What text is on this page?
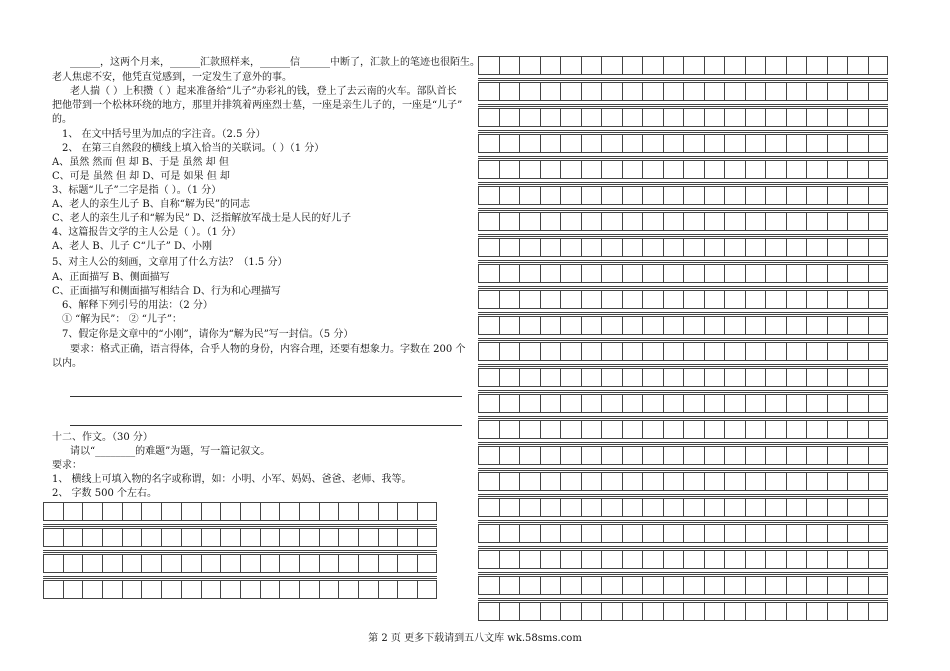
______，这两个月来，______汇款照样来，______信______中断了，汇款上的笔迹也很陌生。
老人焦虑不安，他凭直觉感到，一定发生了意外的事。
老人揣（ ）上积攒（ ）起来准备给“儿子”办彩礼的钱，登上了去云南的火车。部队首长
把他带到一个松林环绕的地方，那里并排筑着两座烈士墓，一座是亲生儿子的，一座是“儿子”
的。
1、 在文中括号里为加点的字注音。（2.5 分）
2、 在第三自然段的横线上填入恰当的关联词。（ ）（1 分）
A、虽然 然而 但 却 B、于是 虽然 却 但
C、可是 虽然 但 却 D、可是 如果 但 却
3、标题“儿子”二字是指（ ）。（1 分）
A、老人的亲生儿子 B、自称“解为民”的同志
C、老人的亲生儿子和“解为民” D、泛指解放军战士是人民的好儿子
4、这篇报告文学的主人公是（ ）。（1 分）
A、老人 B、儿子 C“儿子” D、小刚
5、对主人公的刻画，文章用了什么方法？（1.5 分）
A、正面描写 B、侧面描写
C、正面描写和侧面描写相结合 D、行为和心理描写
6、解释下列引号的用法：（2 分）
① “解为民”： ② “儿子”：
7、假定你是文章中的“小刚”，请你为“解为民”写一封信。（5 分）
要求：格式正确，语言得体，合乎人物的身份，内容合理，还要有想象力。字数在 200 个
以内。
十二、作文。（30 分）
请以“________的难题”为题，写一篇记叙文。
要求：
1、 横线上可填入物的名字或称谓，如：小明、小军、妈妈、爸爸、老师、我等。
2、 字数 500 个左右。
第 2 页 更多下载请到五八文库 wk.58sms.com
